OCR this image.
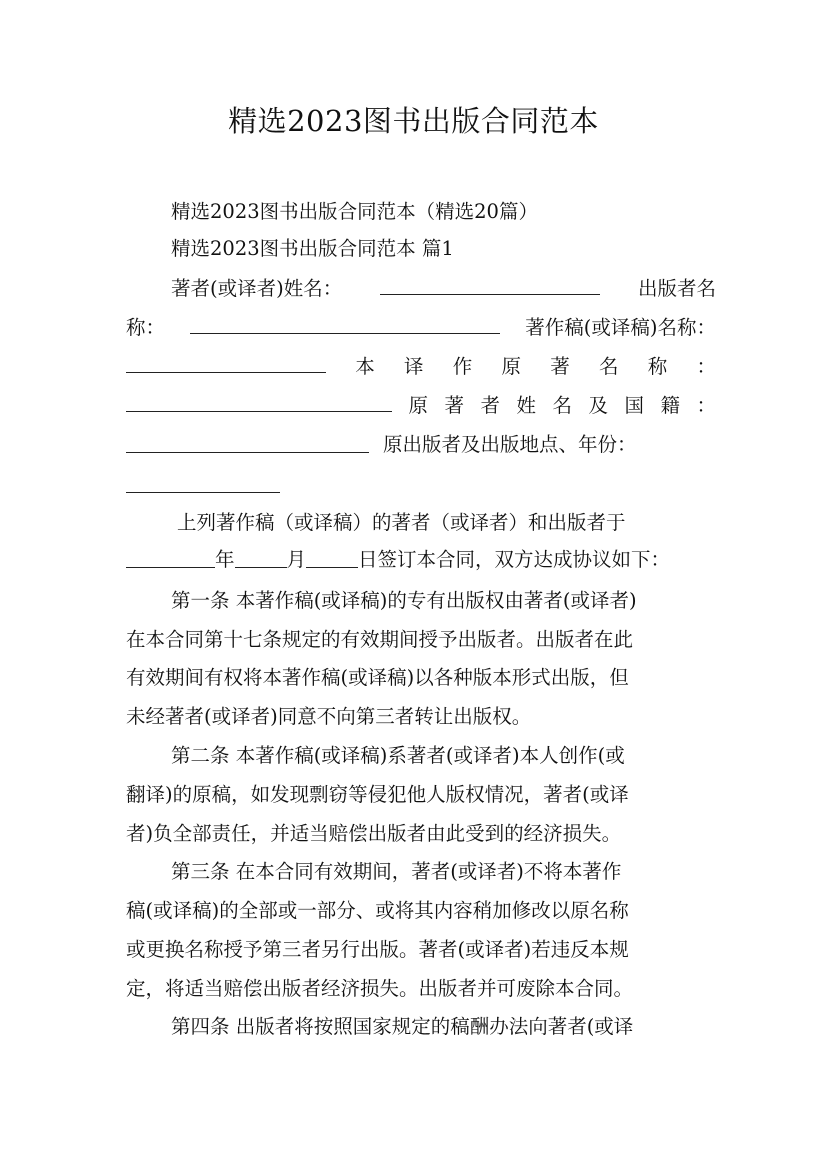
精选2023图书出版合同范本
精选2023图书出版合同范本（精选20篇）
精选2023图书出版合同范本 篇1
著者(或译者)姓名：	出版者名
称：	著作稿(或译稿)名称：
本 译 作 原 著 名 称 ：
原 著 者 姓 名 及 国 籍 ：
原出版者及出版地点、年份：
上列著作稿（或译稿）的著者（或译者）和出版者于
年	月	日签订本合同，双方达成协议如下：
第一条 本著作稿(或译稿)的专有出版权由著者(或译者)
在本合同第十七条规定的有效期间授予出版者。出版者在此
有效期间有权将本著作稿(或译稿)以各种版本形式出版，但
未经著者(或译者)同意不向第三者转让出版权。
第二条 本著作稿(或译稿)系著者(或译者)本人创作(或
翻译)的原稿，如发现剽窃等侵犯他人版权情况，著者(或译
者)负全部责任，并适当赔偿出版者由此受到的经济损失。
第三条 在本合同有效期间，著者(或译者)不将本著作
稿(或译稿)的全部或一部分、或将其内容稍加修改以原名称
或更换名称授予第三者另行出版。著者(或译者)若违反本规
定，将适当赔偿出版者经济损失。出版者并可废除本合同。
第四条 出版者将按照国家规定的稿酬办法向著者(或译
